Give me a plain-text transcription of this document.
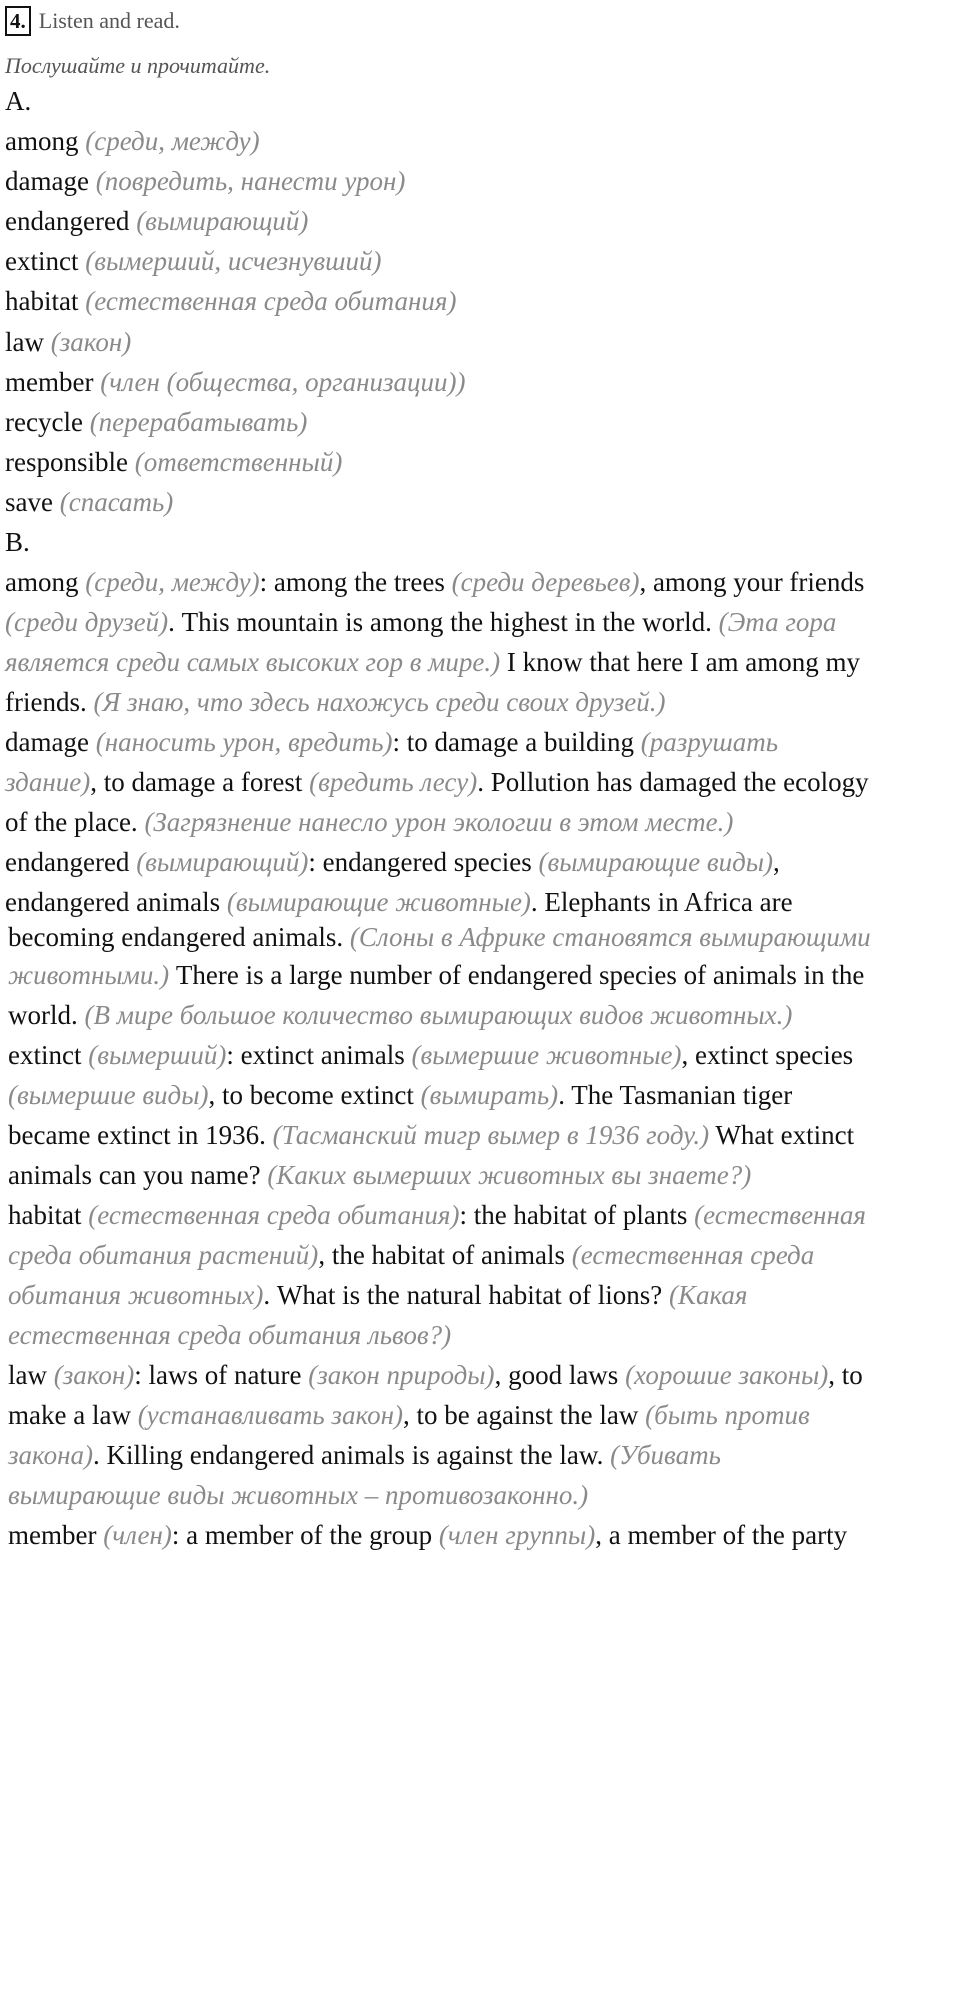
4. Listen and read.
Послушайте и прочитайте.
A.
among (среди, между)
damage (повредить, нанести урон)
endangered (вымирающий)
extinct (вымерший, исчезнувший)
habitat (естественная среда обитания)
law (закон)
member (член (общества, организации))
recycle (перерабатывать)
responsible (ответственный)
save (спасать)
B.
among (среди, между): among the trees (среди деревьев), among your friends
(среди друзей). This mountain is among the highest in the world. (Эта гора
является среди самых высоких гор в мире.) I know that here I am among my
friends. (Я знаю, что здесь нахожусь среди своих друзей.)
damage (наносить урон, вредить): to damage a building (разрушать
здание), to damage a forest (вредить лесу). Pollution has damaged the ecology
of the place. (Загрязнение нанесло урон экологии в этом месте.)
endangered (вымирающий): endangered species (вымирающие виды),
endangered animals (вымирающие животные). Elephants in Africa are
becoming endangered animals. (Слоны в Африке становятся вымирающими
животными.) There is a large number of endangered species of animals in the
world. (В мире большое количество вымирающих видов животных.)
extinct (вымерший): extinct animals (вымершие животные), extinct species
(вымершие виды), to become extinct (вымирать). The Tasmanian tiger
became extinct in 1936. (Тасманский тигр вымер в 1936 году.) What extinct
animals can you name? (Каких вымерших животных вы знаете?)
habitat (естественная среда обитания): the habitat of plants (естественная
среда обитания растений), the habitat of animals (естественная среда
обитания животных). What is the natural habitat of lions? (Какая
естественная среда обитания львов?)
law (закон): laws of nature (закон природы), good laws (хорошие законы), to
make a law (устанавливать закон), to be against the law (быть против
закона). Killing endangered animals is against the law. (Убивать
вымирающие виды животных – противозаконно.)
member (член): a member of the group (член группы), a member of the party
